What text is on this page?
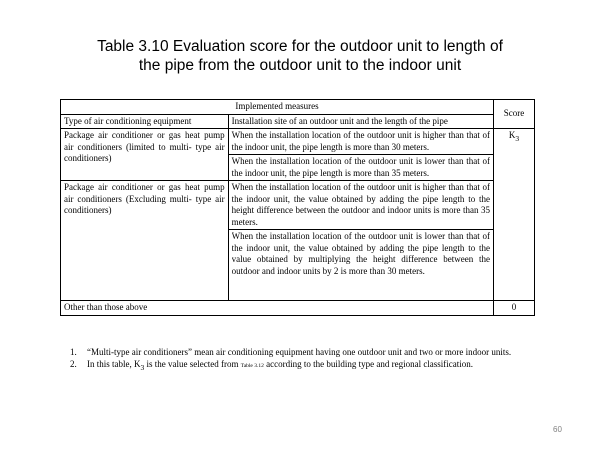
Table 3.10 Evaluation score for the outdoor unit to length of
the pipe from the outdoor unit to the indoor unit
Implemented measures		Score
Type of air conditioning equipment	Installation site of an outdoor unit and the length of the pipe	
Package air conditioner or gas heat pump air conditioners (limited to multi- type air conditioners)	When the installation location of the outdoor unit is higher than that of the indoor unit, the pipe length is more than 30 meters.	$K_3$
	When the installation location of the outdoor unit is lower than that of the indoor unit, the pipe length is more than 35 meters.	
Package air conditioner or gas heat pump air conditioners (Excluding multi- type air conditioners)	When the installation location of the outdoor unit is higher than that of the indoor unit, the value obtained by adding the pipe length to the height difference between the outdoor and indoor units is more than 35 meters.	

	When the installation location of the outdoor unit is lower than that of the indoor unit, the value obtained by adding the pipe length to the value obtained by multiplying the height difference between the outdoor and indoor units by 2 is more than 30 meters.	

Other than those above		0
1. “Multi-type air conditioners” mean air conditioning equipment having one outdoor unit and two or more indoor units.
2. In this table, $K_3$ is the value selected from Table 3.12 according to the building type and regional classification.
60
